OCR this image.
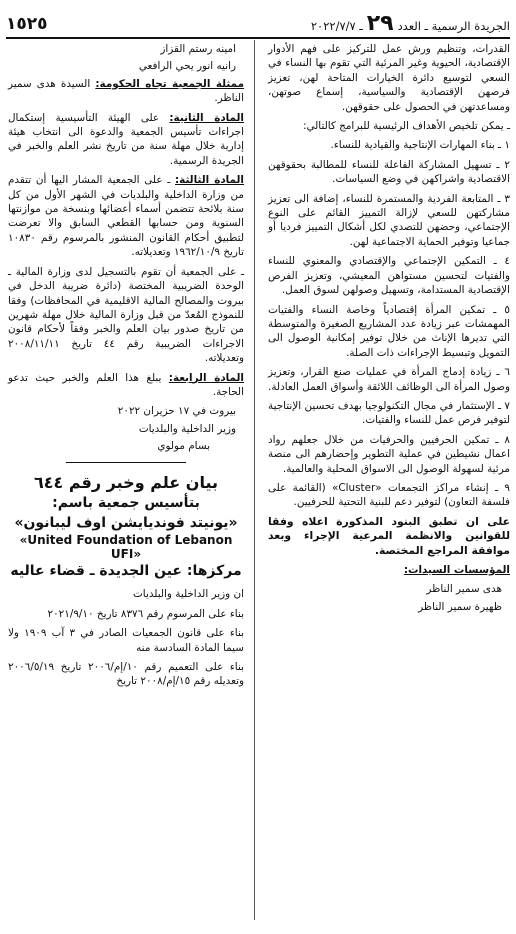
الجريدة الرسمية ـ العدد
٢٩
ـ ٢٠٢٢/٧/٧
١٥٢٥

القدرات، وتنظيم ورش عمل للتركيز على فهم الأدوار الإقتصادية، الحيوية وغير المرئية التي تقوم بها النساء في السعي لتوسيع دائرة الخيارات المتاحة لهن، تعزيز فرصهن الإقتصادية والسياسية، إسماع صوتهن، ومساعدتهن في الحصول على حقوقهن.

ـ يمكن تلخيص الأهداف الرئيسية للبرامج كالتالي:

١ ـ بناء المهارات الإنتاجية والقيادية للنساء.

٢ ـ تسهيل المشاركة الفاعلة للنساء للمطالبة بحقوقهن الاقتصادية واشراكهن في وضع السياسات.

٣ ـ المتابعة الفردية والمستمرة للنساء، إضافة الى تعزيز مشاركتهن للسعي لإزالة التمييز القائم على النوع الإجتماعي، وحضهن للتصدي لكل أشكال التمييز فرديا أو جماعيا وتوفير الحماية الاجتماعية لهن.

٤ ـ التمكين الإجتماعي والإقتصادي والمعنوي للنساء والفتيات لتحسين مستواهن المعيشي، وتعزيز الفرص الإقتصادية المستدامة، وتسهيل وصولهن لسوق العمل.

٥ ـ تمكين المرأة إقتصادياً وخاصة النساء والفتيات المهمشات عبر زيادة عدد المشاريع الصغيرة والمتوسطة التي تديرها الإناث من خلال توفير إمكانية الوصول الى التمويل وتبسيط الإجراءات ذات الصلة.

٦ ـ زيادة إدماج المرأة في عمليات صنع القرار، وتعزيز وصول المرأة الى الوظائف اللائقة وأسواق العمل العادلة.

٧ ـ الإستثمار في مجال التكنولوجيا بهدف تحسين الإنتاجية لتوفير فرص عمل للنساء والفتيات.

٨ ـ تمكين الحرفيين والحرفيات من خلال جعلهم رواد اعمال نشيطين في عملية التطوير وإحضارهم الى منصة مرئية لسهولة الوصول الى الاسواق المحلية والعالمية.

٩ ـ إنشاء مراكز التجمعات «Cluster» (القائمة على فلسفة التعاون) لتوفير دعم للبنية التحتية للحرفيين.

على ان تطبق البنود المذكورة اعلاه وفقا للقوانين والانظمة المرعية الإجراء وبعد موافقة المراجع المختصة.

المؤسسات السيدات:

هدى سمير الناظر

ظهيرة سمير الناظر

امينه رستم القزاز

رانيه انور يحي الرافعي

ممثلة الجمعية تجاه الحكومة: السيدة هدى سمير الناظر.

المادة الثانية: على الهيئة التأسيسية إستكمال اجراءات تأسيس الجمعية والدعوة الى انتخاب هيئة إدارية خلال مهلة سنة من تاريخ نشر العلم والخبر في الجريدة الرسمية.

المادة الثالثة: ـ على الجمعية المشار اليها أن تتقدم من وزارة الداخلية والبلديات في الشهر الأول من كل سنة بلائحة تتضمن أسماء أعضائها وبنسخة من موازنتها السنوية ومن حسابها القطعي السابق والا تعرضت لتطبيق أحكام القانون المنشور بالمرسوم رقم ١٠٨٣٠ تاريخ ١٩٦٢/١٠/٩ وتعديلاته.

ـ على الجمعية أن تقوم بالتسجيل لدى وزارة المالية ـ الوحدة الضريبية المختصة (دائرة ضريبة الدخل في بيروت والمصالح المالية الاقليمية في المحافظات) وفقا للنموذج المُعدّ من قبل وزارة المالية خلال مهلة شهرين من تاريخ صدور بيان العلم والخبر وفقاً لأحكام قانون الاجراءات الضريبية رقم ٤٤ تاريخ ٢٠٠٨/١١/١١ وتعديلاته.

المادة الرابعة: يبلغ هذا العلم والخبر حيث تدعو الحاجة.

بيروت في ١٧ حزيران ٢٠٢٢

وزير الداخلية والبلديات

بسام مولوي

بيان علم وخبر رقم ٦٤٤

بتأسيس جمعية باسم:

«يونيتد فونديايشن اوف ليبانون»

«United Foundation of Lebanon UFI»

مركزها: عين الجديدة ـ قضاء عاليه

ان وزير الداخلية والبلديات

بناء على المرسوم رقم ٨٣٧٦ تاريخ ٢٠٢١/٩/١٠

بناء على قانون الجمعيات الصادر في ٣ آب ١٩٠٩ ولا سيما المادة السادسة منه

بناء على التعميم رقم ١٠/إم/٢٠٠٦ تاريخ ٢٠٠٦/٥/١٩ وتعديله رقم ١٥/إم/٢٠٠٨ تاريخ
